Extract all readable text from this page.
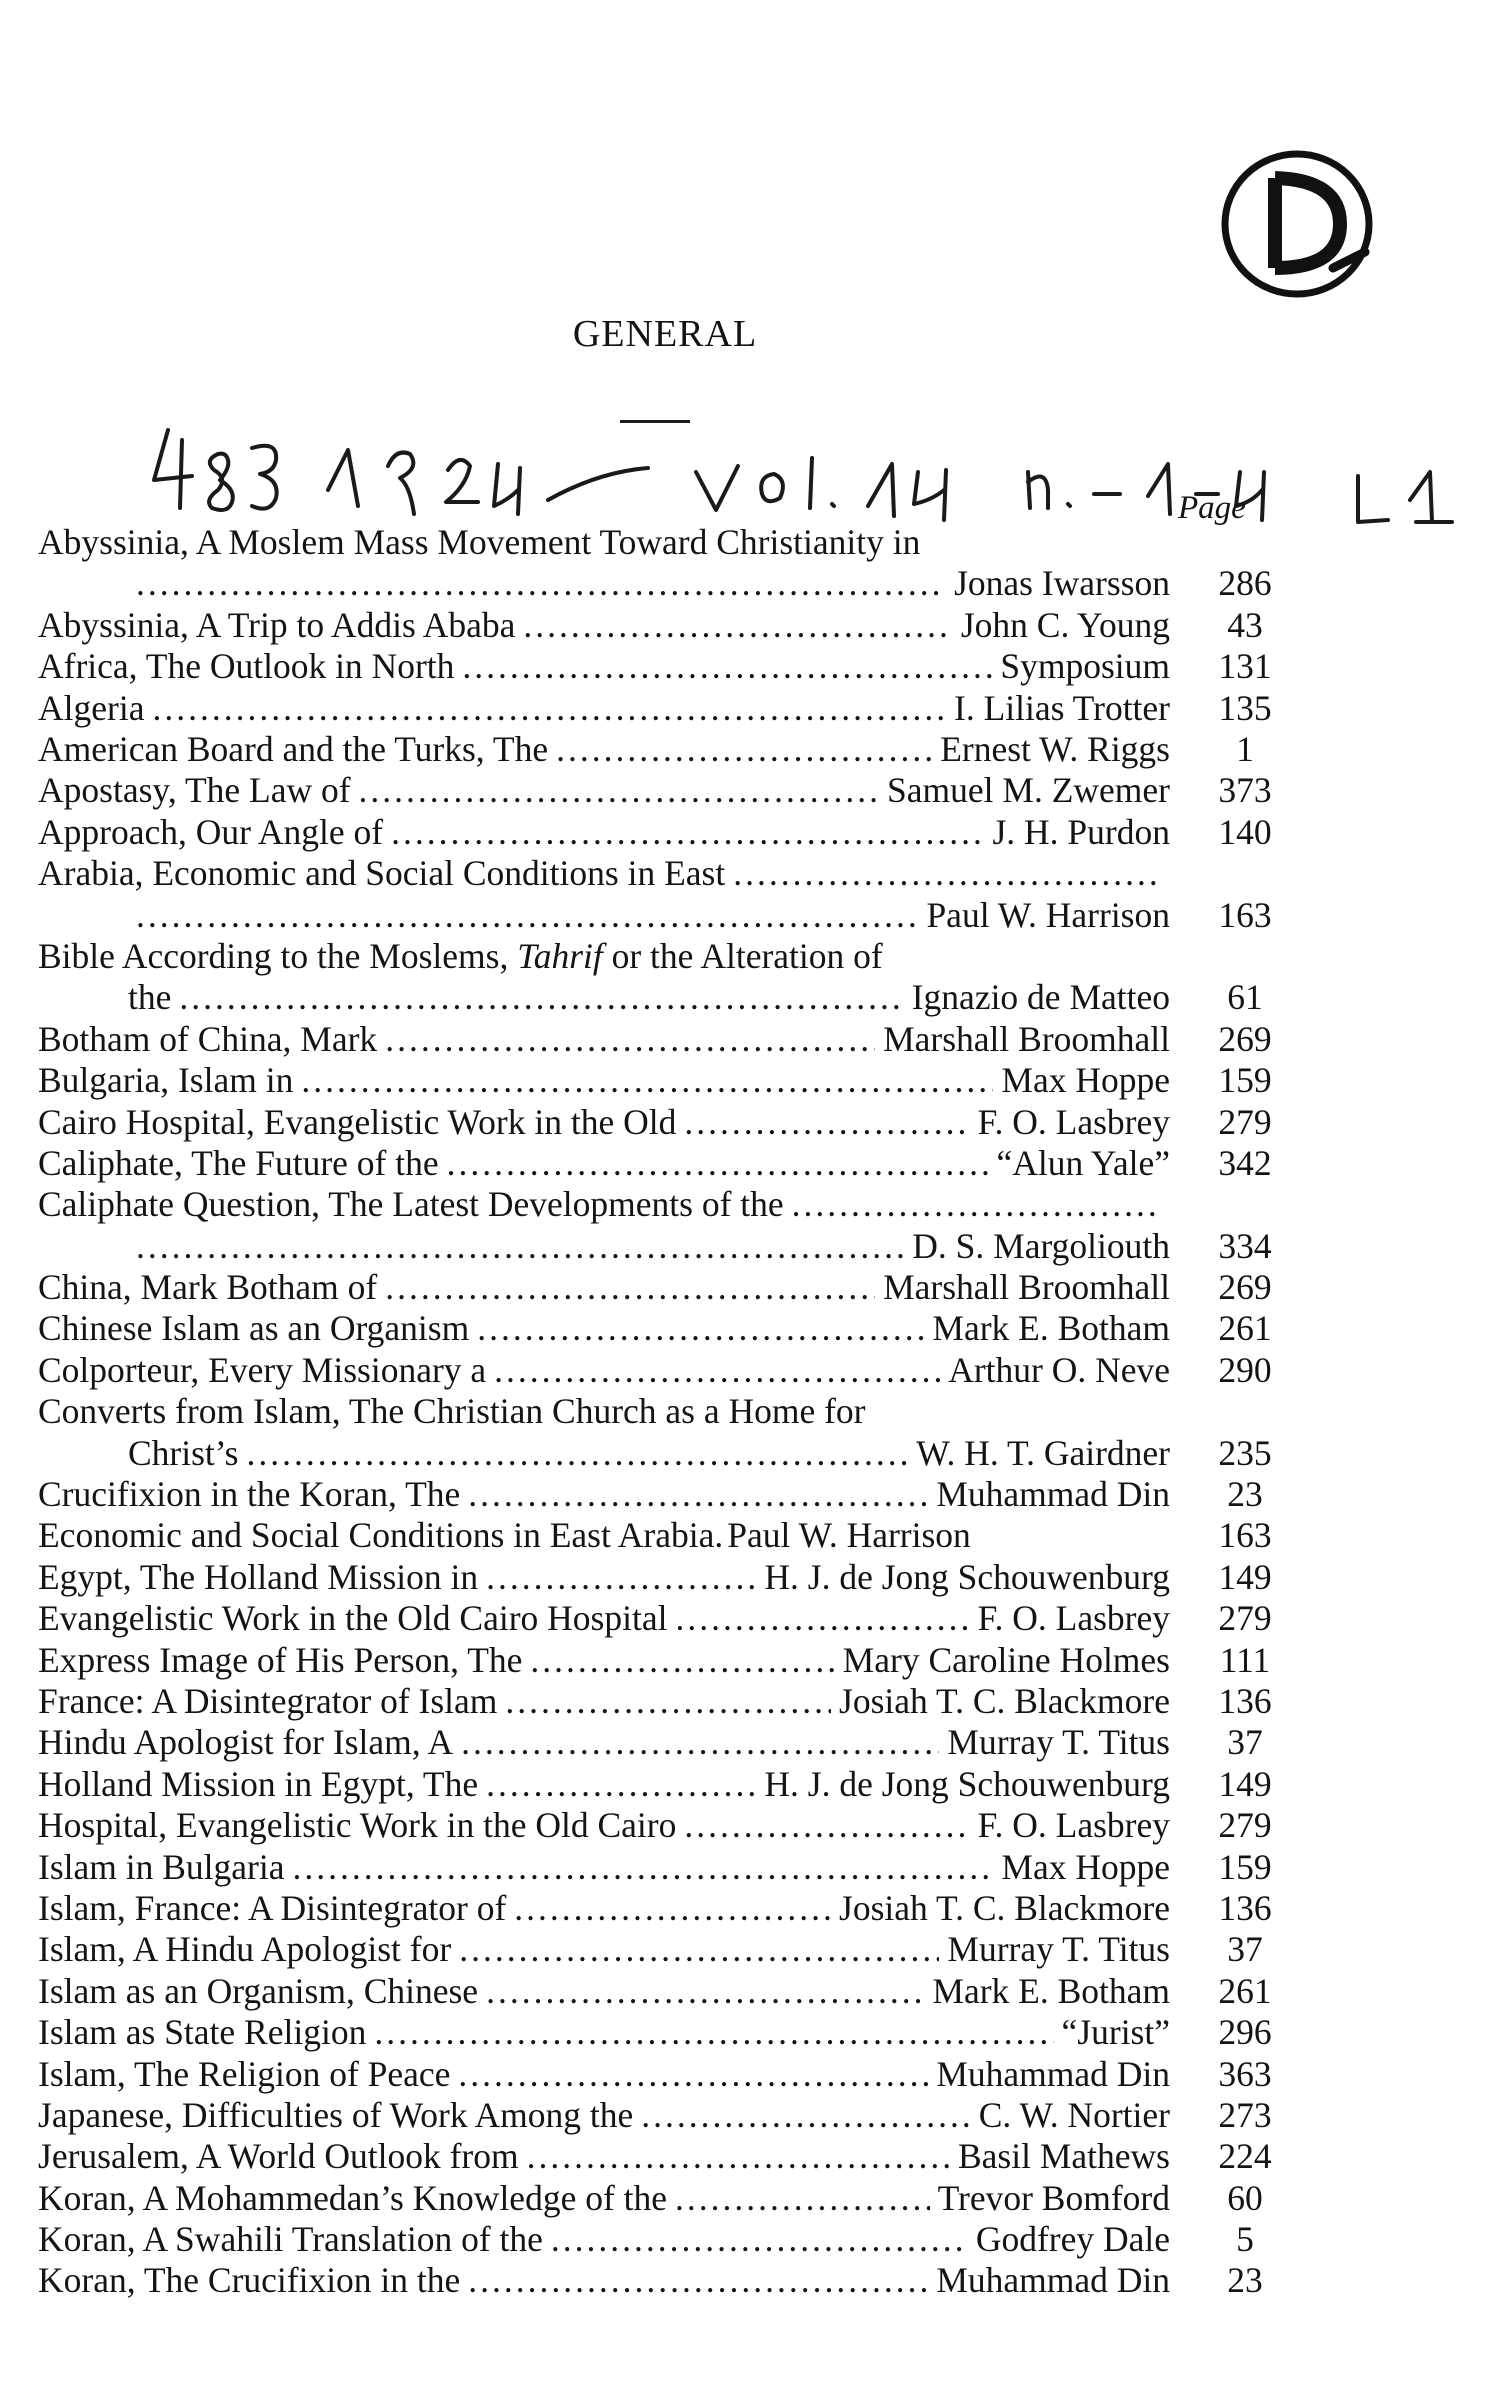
GENERAL
Page
Abyssinia, A Moslem Mass Movement Toward Christianity in
.....
Jonas Iwarsson	286
Abyssinia, A Trip to Addis Ababa .....	John C. Young	43
Africa, The Outlook in North .....	Symposium	131
Algeria .....	I. Lilias Trotter	135
American Board and the Turks, The .....	Ernest W. Riggs	1
Apostasy, The Law of .....	Samuel M. Zwemer	373
Approach, Our Angle of .....	J. H. Purdon	140
Arabia, Economic and Social Conditions in East
.....
.....
Paul W. Harrison	163
Bible According to the Moslems, Tahrif or the Alteration of
the .....	Ignazio de Matteo	61
Botham of China, Mark .....	Marshall Broomhall	269
Bulgaria, Islam in .....	Max Hoppe	159
Cairo Hospital, Evangelistic Work in the Old .....	F. O. Lasbrey	279
Caliphate, The Future of the .....	“Alun Yale”	342
Caliphate Question, The Latest Developments of the
.....
.....
D. S. Margoliouth	334
China, Mark Botham of .....	Marshall Broomhall	269
Chinese Islam as an Organism .....	Mark E. Botham	261
Colporteur, Every Missionary a .....	Arthur O. Neve	290
Converts from Islam, The Christian Church as a Home for
Christ’s .....	W. H. T. Gairdner	235
Crucifixion in the Koran, The .....	Muhammad Din	23
Economic and Social Conditions in East Arabia . Paul W. Harrison	163
Egypt, The Holland Mission in .....	H. J. de Jong Schouwenburg	149
Evangelistic Work in the Old Cairo Hospital .....	F. O. Lasbrey	279
Express Image of His Person, The .....	Mary Caroline Holmes	111
France: A Disintegrator of Islam .....	Josiah T. C. Blackmore	136
Hindu Apologist for Islam, A .....	Murray T. Titus	37
Holland Mission in Egypt, The .....	H. J. de Jong Schouwenburg	149
Hospital, Evangelistic Work in the Old Cairo .....	F. O. Lasbrey	279
Islam in Bulgaria .....	Max Hoppe	159
Islam, France: A Disintegrator of .....	Josiah T. C. Blackmore	136
Islam, A Hindu Apologist for .....	Murray T. Titus	37
Islam as an Organism, Chinese .....	Mark E. Botham	261
Islam as State Religion .....	“Jurist”	296
Islam, The Religion of Peace .....	Muhammad Din	363
Japanese, Difficulties of Work Among the .....	C. W. Nortier	273
Jerusalem, A World Outlook from .....	Basil Mathews	224
Koran, A Mohammedan’s Knowledge of the .....	Trevor Bomford	60
Koran, A Swahili Translation of the .....	Godfrey Dale	5
Koran, The Crucifixion in the .....	Muhammad Din	23
